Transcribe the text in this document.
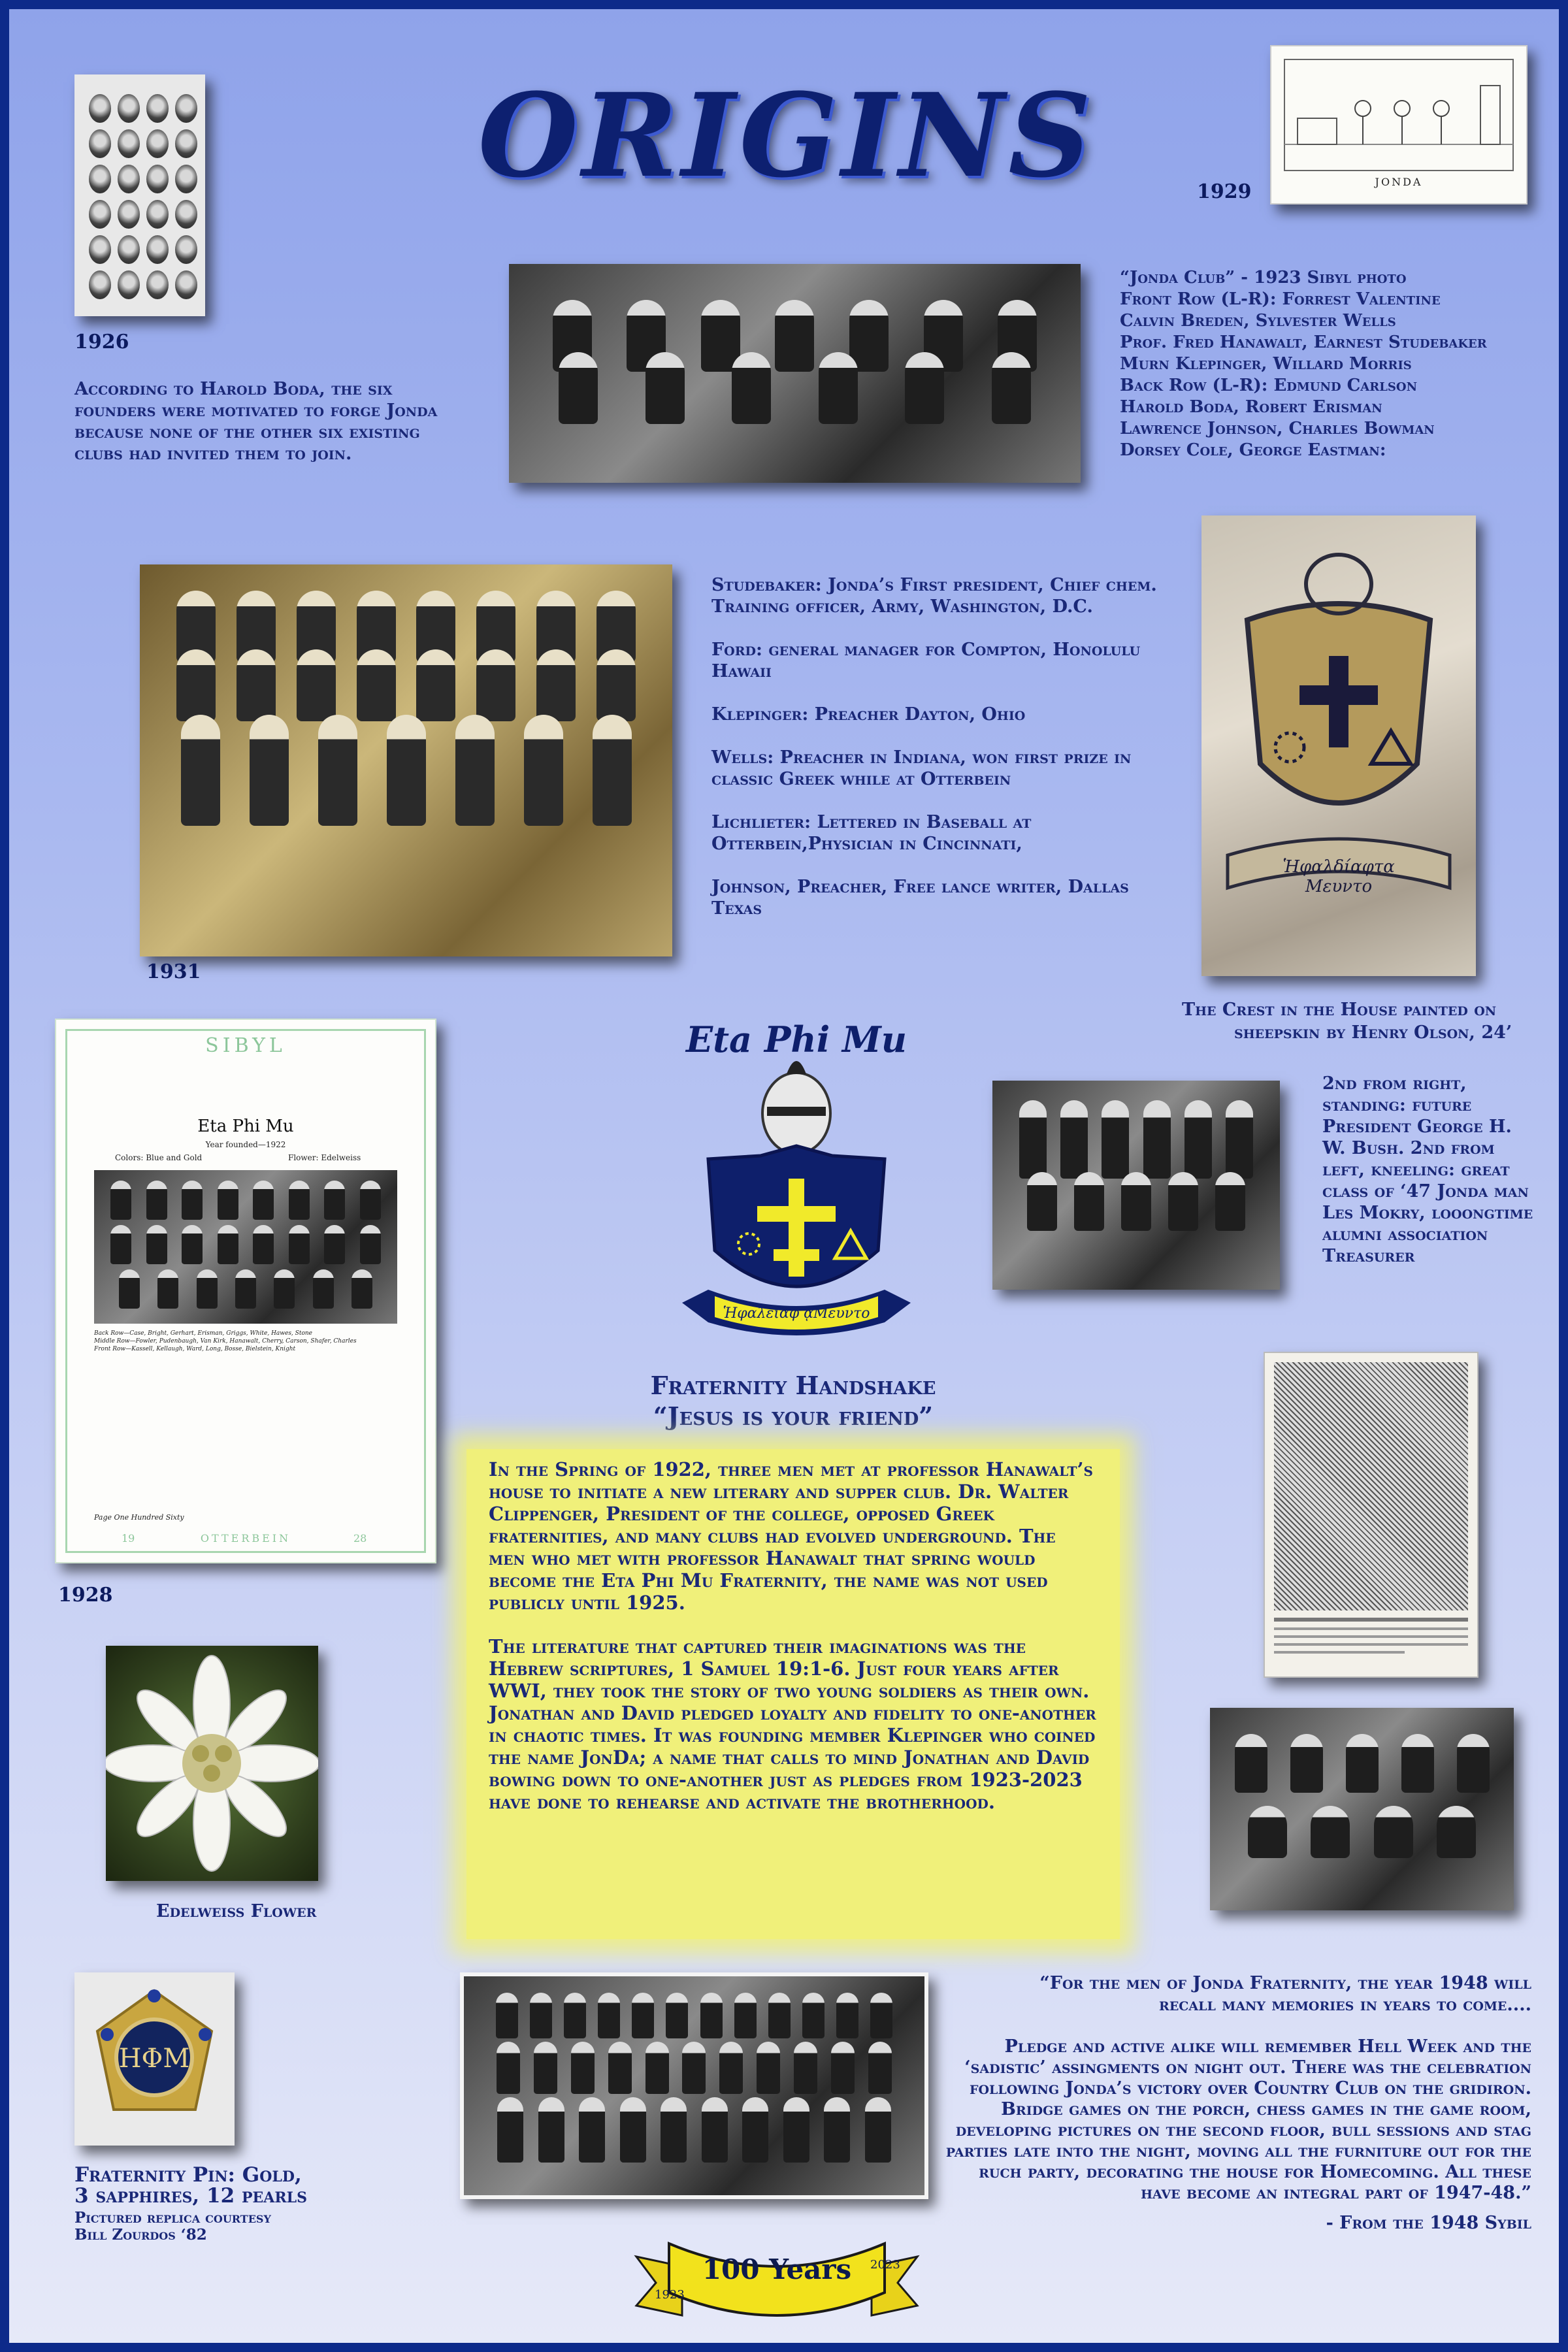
ORIGINS
1926
According to Harold Boda, the six founders were motivated to forge Jonda because none of the other six existing clubs had invited them to join.
JONDA
1929
“Jonda Club” - 1923 Sibyl photo
Front Row (L-R): Forrest Valentine
Calvin Breden, Sylvester Wells
Prof. Fred Hanawalt, Earnest Studebaker
Murn Klepinger, Willard Morris
Back Row (L-R): Edmund Carlson
Harold Boda, Robert Erisman
Lawrence Johnson, Charles Bowman
Dorsey Cole, George Eastman:
1931

Studebaker: Jonda’s First president, Chief chem. Training officer, Army, Washington, D.C.

Ford: general manager for Compton, Honolulu Hawaii

Klepinger: Preacher Dayton, Ohio

Wells: Preacher in Indiana, won first prize in classic Greek while at Otterbein

Lichlieter: Lettered in Baseball at Otterbein,Physician in Cincinnati,

Johnson, Preacher, Free lance writer, Dallas Texas

Ἡφαλδίαφτα Μευντο
The Crest in the House painted on
sheepskin by Henry Olson, 24’
SIBYL
Eta Phi Mu
Year founded—1922
Colors: Blue and Gold	Flower: Edelweiss
Back Row—Case, Bright, Gerhart, Erisman, Griggs, White, Hawes, Stone
Middle Row—Fowler, Pudenbaugh, Van Kirk, Hanawalt, Cherry, Carson, Shafer, Charles
Front Row—Kassell, Kellaugh, Ward, Long, Bosse, Bielstein, Knight
Page One Hundred Sixty
19	OTTERBEIN	28
1928
Eta Phi Mu
Ἡφαλείαφ ᾳΜευντο
2nd from right, standing: future President George H. W. Bush. 2nd from left, kneeling: great class of ‘47 Jonda man Les Mokry, looongtime alumni association Treasurer
Fraternity Handshake
“Jesus is your friend”

In the Spring of 1922, three men met at professor Hanawalt’s house to initiate a new literary and supper club. Dr. Walter Clippenger, President of the college, opposed Greek fraternities, and many clubs had evolved underground. The men who met with professor Hanawalt that spring would become the Eta Phi Mu Fraternity, the name was not used publicly until 1925.

The literature that captured their imaginations was the Hebrew scriptures, 1 Samuel 19:1-6. Just four years after WWI, they took the story of two young soldiers as their own. Jonathan and David pledged loyalty and fidelity to one-another in chaotic times. It was founding member Klepinger who coined the name JonDa; a name that calls to mind Jonathan and David bowing down to one-another just as pledges from 1923-2023 have done to rehearse and activate the brotherhood.

Edelweiss Flower
ΗΦΜ
Fraternity Pin: Gold,
3 sapphires, 12 pearls
Pictured replica courtesy
Bill Zourdos ‘82
“For the men of Jonda Fraternity, the year 1948 will
recall many memories in years to come....
Pledge and active alike will remember Hell Week and the ‘sadistic’ assingments on night out. There was the celebration following Jonda’s victory over Country Club on the gridiron. Bridge games on the porch, chess games in the game room, developing pictures on the second floor, bull sessions and stag parties late into the night, moving all the furniture out for the ruch party, decorating the house for Homecoming. All these have become an integral part of 1947-48.”
- From the 1948 Sybil
100 Years
1923
2023
